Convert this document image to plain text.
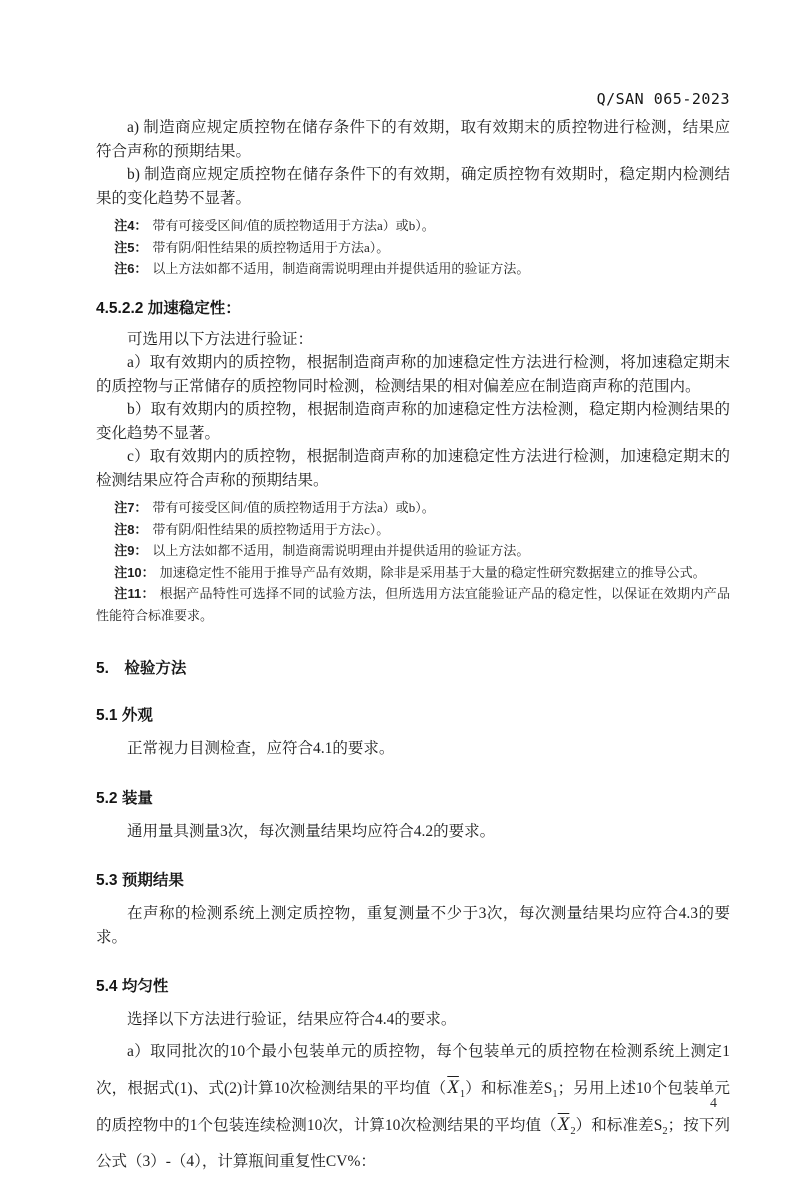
Q/SAN 065-2023

a) 制造商应规定质控物在储存条件下的有效期，取有效期末的质控物进行检测，结果应符合声称的预期结果。

b) 制造商应规定质控物在储存条件下的有效期，确定质控物有效期时，稳定期内检测结果的变化趋势不显著。

注4： 带有可接受区间/值的质控物适用于方法a）或b）。

注5： 带有阴/阳性结果的质控物适用于方法a）。

注6： 以上方法如都不适用，制造商需说明理由并提供适用的验证方法。

4.5.2.2 加速稳定性：

可选用以下方法进行验证：

a）取有效期内的质控物，根据制造商声称的加速稳定性方法进行检测，将加速稳定期末的质控物与正常储存的质控物同时检测，检测结果的相对偏差应在制造商声称的范围内。

b）取有效期内的质控物，根据制造商声称的加速稳定性方法检测，稳定期内检测结果的变化趋势不显著。

c）取有效期内的质控物，根据制造商声称的加速稳定性方法进行检测，加速稳定期末的检测结果应符合声称的预期结果。

注7： 带有可接受区间/值的质控物适用于方法a）或b）。

注8： 带有阴/阳性结果的质控物适用于方法c）。

注9： 以上方法如都不适用，制造商需说明理由并提供适用的验证方法。

注10： 加速稳定性不能用于推导产品有效期，除非是采用基于大量的稳定性研究数据建立的推导公式。

注11： 根据产品特性可选择不同的试验方法，但所选用方法宜能验证产品的稳定性，以保证在效期内产品性能符合标准要求。

5.　检验方法
5.1 外观

正常视力目测检查，应符合4.1的要求。

5.2 装量

通用量具测量3次，每次测量结果均应符合4.2的要求。

5.3 预期结果

在声称的检测系统上测定质控物，重复测量不少于3次，每次测量结果均应符合4.3的要求。

5.4 均匀性

选择以下方法进行验证，结果应符合4.4的要求。

a）取同批次的10个最小包装单元的质控物，每个包装单元的质控物在检测系统上测定1次，根据式(1)、式(2)计算10次检测结果的平均值$(\overline{X}_1)$和标准差$S_1$；另用上述10个包装单元的质控物中的1个包装连续检测10次，计算10次检测结果的平均值$(\overline{X}_2)$和标准差$S_2$；按下列公式（3）-（4），计算瓶间重复性CV%：

4
